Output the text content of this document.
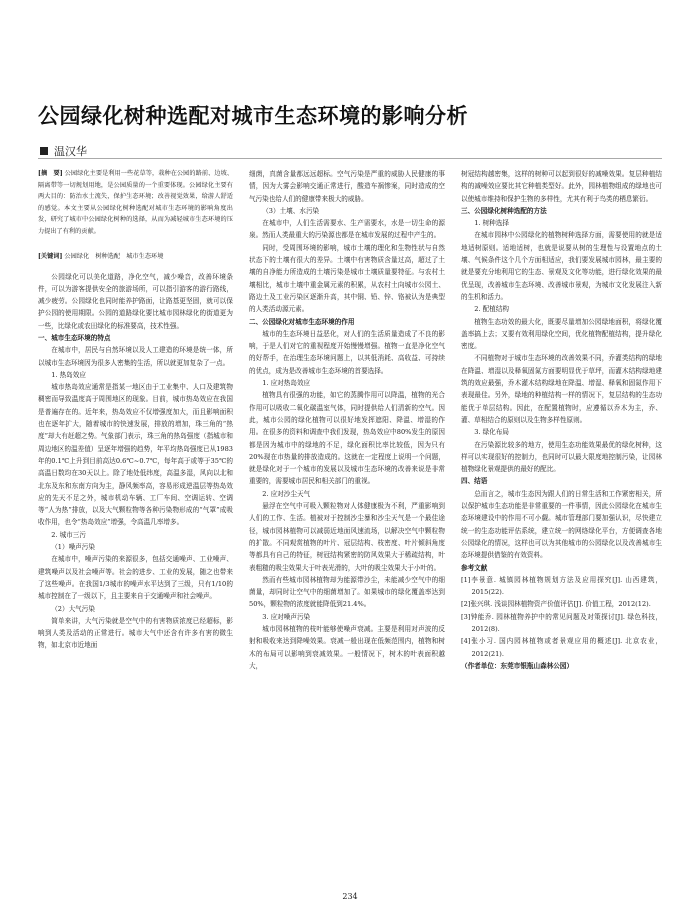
公园绿化树种选配对城市生态环境的影响分析
温汉华

[摘　要] 公园绿化主要是利用一些花草等，栽种在公园的路前、边坡、隔离带等一切规划用地，是公园质量的一个重要体现。公园绿化主要有两大目的：防治水土流失，保护生态环境；改善视觉效果，给游人舒适的感觉。本文主要从公园绿化树种选配对城市生态环境的影响角度出发，研究了城市中公园绿化树种的选择，从而为减轻城市生态环境的压力提出了有利的贡献。

[关键词] 公园绿化　树种选配　城市生态环境

公园绿化可以美化道路，净化空气，减少噪音，改善环境条件，可以为游客提供安全的旅游场所，可以指引游客的游行路线，减少疲劳。公园绿化也同时能养护路面，让路基更坚固，就可以保护公园的使用期限。公园的道路绿化要比城市园林绿化的街道更为一些，比绿化或农田绿化的标准要高，技术性强。

一、城市生态环境的特点

在城市中，居民与自然环境以及人工建造的环境是统一体，所以城市生态环境因为很多人密集的生活，所以就更加复杂了一点。

1. 热岛效应

城市热岛效应通常是指某一地区由于工业集中、人口及建筑物稠密而导致温度高于周围地区的现象。目前，城市热岛效应在我国是普遍存在的。近年来，热岛效应不仅增强度加大，而且影响面积也在逐年扩大，随着城市的快速发展，排放的增加，珠三角的“热度”却大有赶超之势。气象部门表示，珠三角的热岛强度（指城市和周边地区的温差值）呈逐年增强的趋势，年平均热岛强度已从1983年的0.1℃上升到目前高达0.6℃~0.7℃，每年高于或等于35℃的高温日数均在30天以上。除了地处低纬度，高温多湿，风向以北和北东及东和东南方向为主，静风频率高，容易形成逆温层等热岛效应的先天不足之外，城市机动车辆、工厂车间、空调运转、空调等“人为热”排放，以及大气颗粒物等各种污染物形成的“气罩”成吸收作用，也令“热岛效应”增强，令高温几率增多。

2. 城市三污

（1）噪声污染

在城市中，噪声污染的来源很多，包括交通噪声、工业噪声、建筑噪声以及社会噪声等。社会的进步、工业的发展，随之也带来了这些噪声。在我国1/3城市的噪声水平达到了三级，只有1/10的城市控制在了一级以下，且主要来自于交通噪声和社会噪声。

（2）大气污染

简单来讲，大气污染就是空气中的有害物质浓度已经超标，影响到人类及活动的正常进行。城市大气中还含有许多有害的微生物，如北京市近地面

细菌，真菌含量都远远超标。空气污染是严重的威胁人民健康的事情，因为大雾会影响交通正常进行，酸造车祸惨案，同时造成的空气污染也给人们的健康带来极大的威胁。

（3）土壤、水污染

在城市中，人们生活需要水、生产需要水，水是一切生命的源泉。然而人类最重大的污染源也都是在城市发展的过程中产生的。

同时，受周围环境的影响，城市土壤的理化和生物性状与自然状态下的土壤有很大的差异。土壤中有害物质含量过高，超过了土壤的自净能力所造成的土壤污染是城市土壤质量要特征。与农村土壤相比，城市土壤中重金属元素的积累，从农村土向城市公园土、路边土及工业污染区逐渐升高，其中铜、铅、锌、铬被认为是典型的人类活动源元素。

二、公园绿化对城市生态环境的作用

城市的生态环境日益恶化，对人们的生活质量造成了不良的影响，于是人们对它的重视程度开始慢慢增强。植物一直是净化空气的好帮手，在治理生态环境问题上，以其低消耗、高收益、可持续的优点，成为是改善城市生态环境的首要选择。

1. 应对热岛效应

植物具有很强的功能，如它的蒸腾作用可以降温，植物的光合作用可以吸收二氧化碳温室气体，同时提供给人们清新的空气。因此，城市公园的绿化植物可以很好地发挥遮阳、降温、增湿的作用。在很多的资料和调查中我们发现，热岛效应中80%发生的原因都是因为城市中的绿地的不足，绿化面积比率比较低，因为只有20%现在市热量的排放造成的。这就在一定程度上说明一个问题，就是绿化对于一个城市的发展以及城市生态环境的改善来说是非常重要的，需要城市居民和相关部门的重视。

2. 应对沙尘天气

悬浮在空气中可吸入颗粒物对人体健康极为不利，严重影响到人们的工作、生活。植被对于控制沙尘暴和沙尘天气是一个最佳途径，城市园林植物可以减弱近地面风速流场，以解决空气中颗粒物的扩散。不同观赏植物的叶片、冠层结构、枝密度、叶片倾斜角度等都具有自己的特征，树冠结构紧密的防风效果大于稀疏结构，叶表粗糙的吸尘效果大于叶表光滑的，大叶的吸尘效果大于小叶的。

然而有些城市园林植物却为能源带沙尘，未能减少空气中的细菌量，却同时让空气中的细菌增加了。如果城市的绿化覆盖率达到50%，颗粒物的浓度就能降低到21.4%。

3. 应对噪声污染

城市园林植物的枝叶能够使噪声衰减。主要是利用对声波的反射和吸收来达到降噪效果。衰减一般出现在低频范围内，植物和树木的布局可以影响到衰减效果。一般情况下，树木的叶表面积越大，

树冠结构越密集，这样的树种可以起到很好的减噪效果。复层种植结构的减噪效应要比其它种植类型好。此外，园林植物组成的绿地也可以使城市维持和保护生物的多样性，尤其有利于鸟类的栖息繁衍。

三、公园绿化树种选配的方法

1. 树种选择

在城市园林中公园绿化的植物树种选择方面，需要使用的就是适地适树原则。适地适树，也就是说要从树的生理性与设置地点的土壤、气候条件这个几个方面相适应，我们要发展城市园林，最主要的就是要充分地利用它的生态、景观及文化等功能，进行绿化效果的最优呈现，改善城市生态环境、改善城市景观，为城市文化发展注入新的生机和活力。

2. 配植结构

植物生态功效的最大化，既要尽量增加公园绿地面积，将绿化覆盖率搞上去；又要有效利用绿化空间，优化植物配植结构，提升绿化密度。

不同植物对于城市生态环境的改善效果不同，乔灌类结构的绿地在降温、增湿以及释氧固氮方面要明显优于草坪，而灌木结构绿地建筑的效应最强，乔木灌木结构绿地在降温、增湿、释氧和固氮作用下表现最佳。另外，绿地的种植结构一样的情况下，复层结构的生态功能优于单层结构。因此，在配置植物时，应遵循以乔木为主，乔、灌、草相结合的原则以及生物多样性原则。

3. 绿化布局

在污染源比较多的地方，使用生态功能效果最优的绿化树种，这样可以实现很好的控制力，也同时可以最大限度地控制污染，让园林植物绿化景观提供的最好的配比。

四、结语

总而言之，城市生态因为跟人们的日常生活和工作紧密相关，所以保护城市生态功能是非常重要的一件事情，因此公园绿化在城市生态环境建设中的作用不可小觑。城市管理部门要加强认识，尽快建立统一的生态功能评估系统，建立统一的网络绿化平台，方便调查各地公园绿化的情况，这样也可以为其他城市的公园绿化以及改善城市生态环境提供借鉴的有效资料。

参考文献

[1]李景意. 城镇园林植物规划方法及应用探究[J]. 山西建筑，2015(22).

[2]张兴琪. 浅谈园林植物资产价值评估[J]. 价值工程，2012(12).

[3]钟能乔. 园林植物养护中的常见问题及对策探讨[J]. 绿色科技，2012(8).

[4]张小习. 国内园林植物或者景观应用的概述[J]. 北京农业，2012(21).

（作者单位：东莞市银瓶山森林公园）

234
